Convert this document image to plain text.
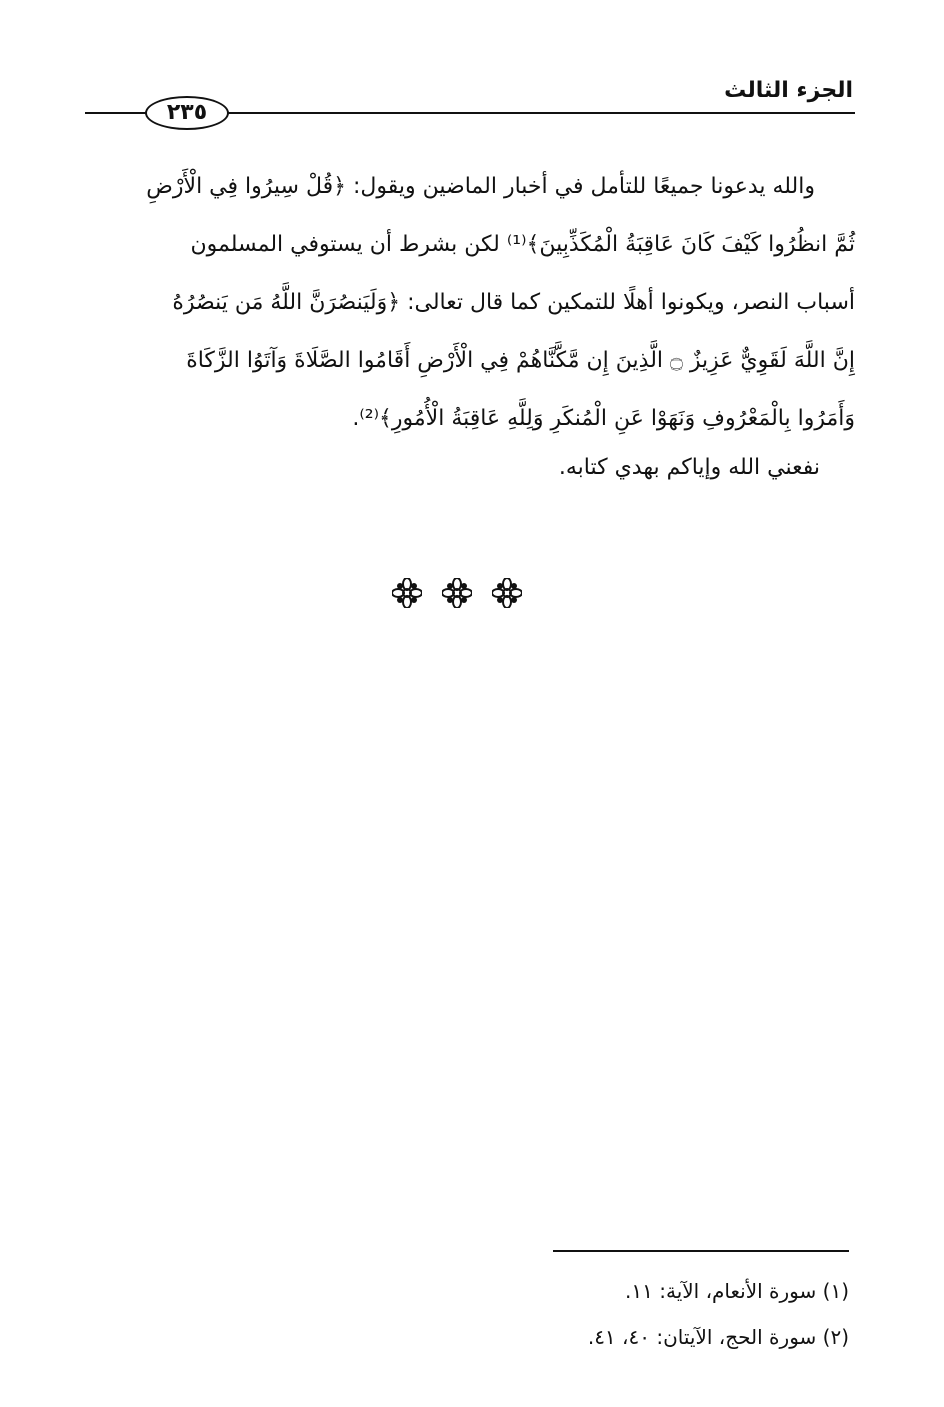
الجزء الثالث
٢٣٥
والله يدعونا جميعًا للتأمل في أخبار الماضين ويقول: ﴿قُلْ سِيرُوا فِي الْأَرْضِ
ثُمَّ انظُرُوا كَيْفَ كَانَ عَاقِبَةُ الْمُكَذِّبِينَ﴾⁽¹⁾ لكن بشرط أن يستوفي المسلمون
أسباب النصر، ويكونوا أهلًا للتمكين كما قال تعالى: ﴿وَلَيَنصُرَنَّ اللَّهُ مَن يَنصُرُهُ
إِنَّ اللَّهَ لَقَوِيٌّ عَزِيزٌ ۝ الَّذِينَ إِن مَّكَّنَّاهُمْ فِي الْأَرْضِ أَقَامُوا الصَّلَاةَ وَآتَوُا الزَّكَاةَ
وَأَمَرُوا بِالْمَعْرُوفِ وَنَهَوْا عَنِ الْمُنكَرِ وَلِلَّهِ عَاقِبَةُ الْأُمُورِ﴾⁽²⁾.
نفعني الله وإياكم بهدي كتابه.
(١) سورة الأنعام، الآية: ١١.
(٢) سورة الحج، الآيتان: ٤٠، ٤١.
